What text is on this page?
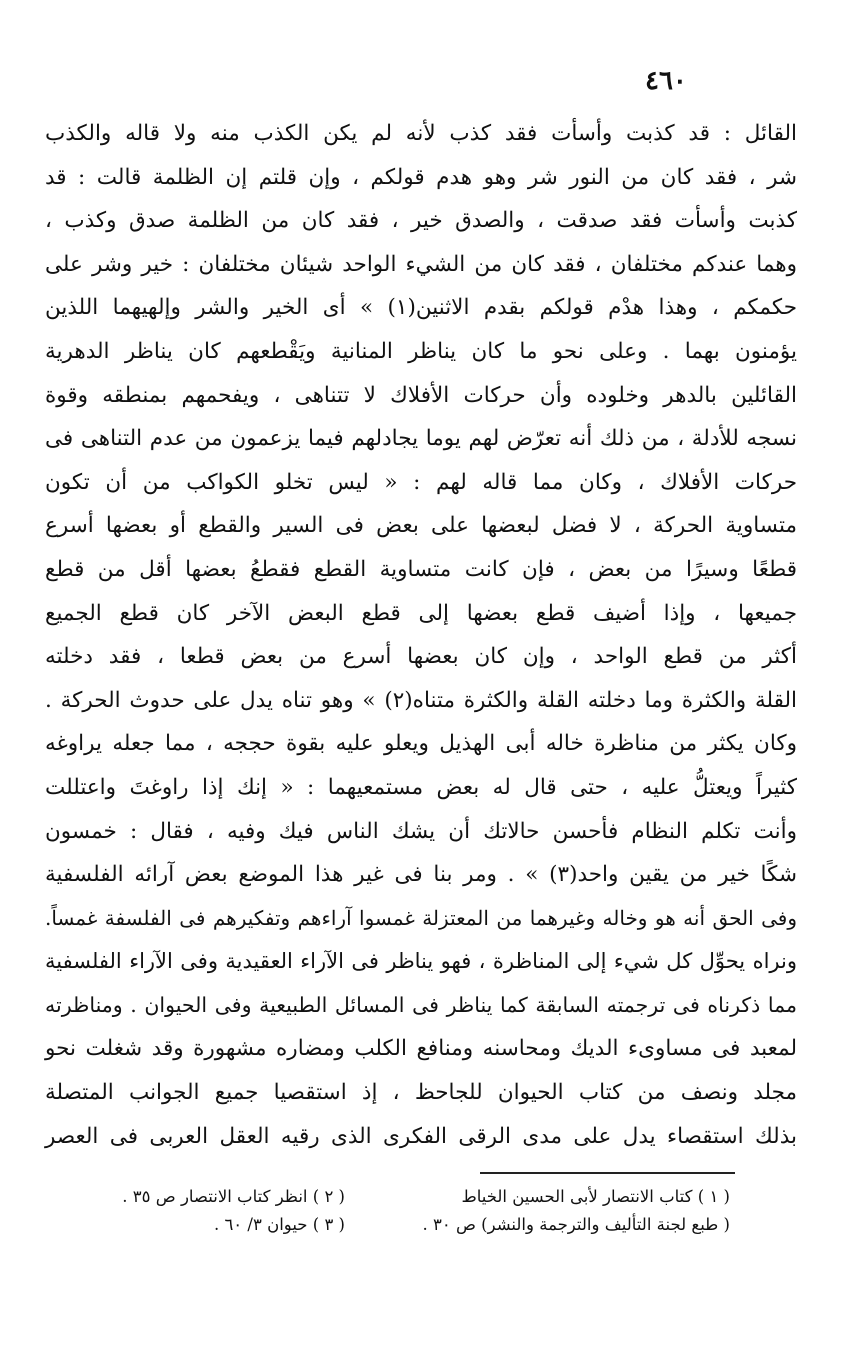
٤٦٠
القائل : قد كذبت وأسأت فقد كذب لأنه لم يكن الكذب منه ولا قاله والكذب
شر ، فقد كان من النور شر وهو هدم قولكم ، وإن قلتم إن الظلمة قالت : قد
كذبت وأسأت فقد صدقت ، والصدق خير ، فقد كان من الظلمة صدق وكذب ،
وهما عندكم مختلفان ، فقد كان من الشيء الواحد شيئان مختلفان : خير وشر على
حكمكم ، وهذا هدْم قولكم بقدم الاثنين(١) » أى الخير والشر وإلهيهما اللذين
يؤمنون بهما . وعلى نحو ما كان يناظر المنانية ويَقْطعهم كان يناظر الدهرية
القائلين بالدهر وخلوده وأن حركات الأفلاك لا تتناهى ، ويفحمهم بمنطقه وقوة
نسجه للأدلة ، من ذلك أنه تعرّض لهم يوما يجادلهم فيما يزعمون من عدم التناهى فى
حركات الأفلاك ، وكان مما قاله لهم : « ليس تخلو الكواكب من أن تكون
متساوية الحركة ، لا فضل لبعضها على بعض فى السير والقطع أو بعضها أسرع
قطعًا وسيرًا من بعض ، فإن كانت متساوية القطع فقطعُ بعضها أقل من قطع
جميعها ، وإذا أضيف قطع بعضها إلى قطع البعض الآخر كان قطع الجميع
أكثر من قطع الواحد ، وإن كان بعضها أسرع من بعض قطعا ، فقد دخلته
القلة والكثرة وما دخلته القلة والكثرة متناه(٢) » وهو تناه يدل على حدوث الحركة .
وكان يكثر من مناظرة خاله أبى الهذيل ويعلو عليه بقوة حججه ، مما جعله يراوغه
كثيراً ويعتلُّ عليه ، حتى قال له بعض مستمعيهما : « إنك إذا راوغتَ واعتللت
وأنت تكلم النظام فأحسن حالاتك أن يشك الناس فيك وفيه ، فقال : خمسون
شكًا خير من يقين واحد(٣) » . ومر بنا فى غير هذا الموضع بعض آرائه الفلسفية
وفى الحق أنه هو وخاله وغيرهما من المعتزلة غمسوا آراءهم وتفكيرهم فى الفلسفة غمساً.
ونراه يحوِّل كل شيء إلى المناظرة ، فهو يناظر فى الآراء العقيدية وفى الآراء الفلسفية
مما ذكرناه فى ترجمته السابقة كما يناظر فى المسائل الطبيعية وفى الحيوان . ومناظرته
لمعبد فى مساوىء الديك ومحاسنه ومنافع الكلب ومضاره مشهورة وقد شغلت نحو
مجلد ونصف من كتاب الحيوان للجاحظ ، إذ استقصيا جميع الجوانب المتصلة
بذلك استقصاء يدل على مدى الرقى الفكرى الذى رقيه العقل العربى فى العصر
( ١ ) كتاب الانتصار لأبى الحسين الخياط
( طبع لجنة التأليف والترجمة والنشر) ص ٣٠ .
( ٢ ) انظر كتاب الانتصار ص ٣٥ .
( ٣ ) حيوان ٣/ ٦٠ .
